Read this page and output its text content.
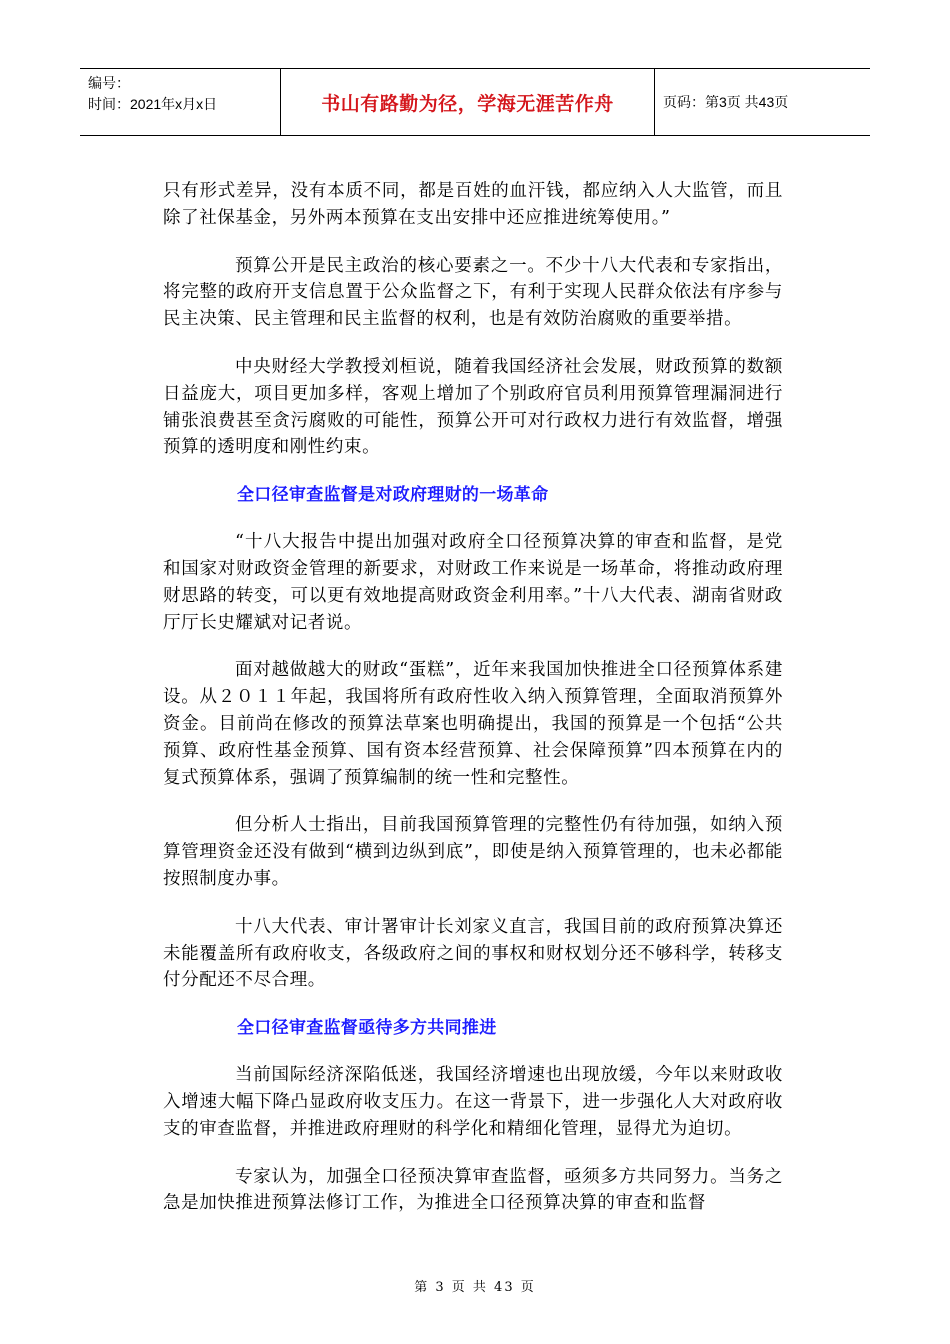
编号：
时间：2021年x月x日	书山有路勤为径，学海无涯苦作舟	页码：第3页 共43页

只有形式差异，没有本质不同，都是百姓的血汗钱，都应纳入人大监管，而且除了社保基金，另外两本预算在支出安排中还应推进统筹使用。”

预算公开是民主政治的核心要素之一。不少十八大代表和专家指出，将完整的政府开支信息置于公众监督之下，有利于实现人民群众依法有序参与民主决策、民主管理和民主监督的权利，也是有效防治腐败的重要举措。

中央财经大学教授刘桓说，随着我国经济社会发展，财政预算的数额日益庞大，项目更加多样，客观上增加了个别政府官员利用预算管理漏洞进行铺张浪费甚至贪污腐败的可能性，预算公开可对行政权力进行有效监督，增强预算的透明度和刚性约束。

全口径审查监督是对政府理财的一场革命

“十八大报告中提出加强对政府全口径预算决算的审查和监督，是党和国家对财政资金管理的新要求，对财政工作来说是一场革命，将推动政府理财思路的转变，可以更有效地提高财政资金利用率。”十八大代表、湖南省财政厅厅长史耀斌对记者说。

面对越做越大的财政“蛋糕”，近年来我国加快推进全口径预算体系建设。从２０１１年起，我国将所有政府性收入纳入预算管理，全面取消预算外资金。目前尚在修改的预算法草案也明确提出，我国的预算是一个包括“公共预算、政府性基金预算、国有资本经营预算、社会保障预算”四本预算在内的复式预算体系，强调了预算编制的统一性和完整性。

但分析人士指出，目前我国预算管理的完整性仍有待加强，如纳入预算管理资金还没有做到“横到边纵到底”，即使是纳入预算管理的，也未必都能按照制度办事。

十八大代表、审计署审计长刘家义直言，我国目前的政府预算决算还未能覆盖所有政府收支，各级政府之间的事权和财权划分还不够科学，转移支付分配还不尽合理。

全口径审查监督亟待多方共同推进

当前国际经济深陷低迷，我国经济增速也出现放缓，今年以来财政收入增速大幅下降凸显政府收支压力。在这一背景下，进一步强化人大对政府收支的审查监督，并推进政府理财的科学化和精细化管理，显得尤为迫切。

专家认为，加强全口径预决算审查监督，亟须多方共同努力。当务之急是加快推进预算法修订工作，为推进全口径预算决算的审查和监督

第 3 页 共 43 页
